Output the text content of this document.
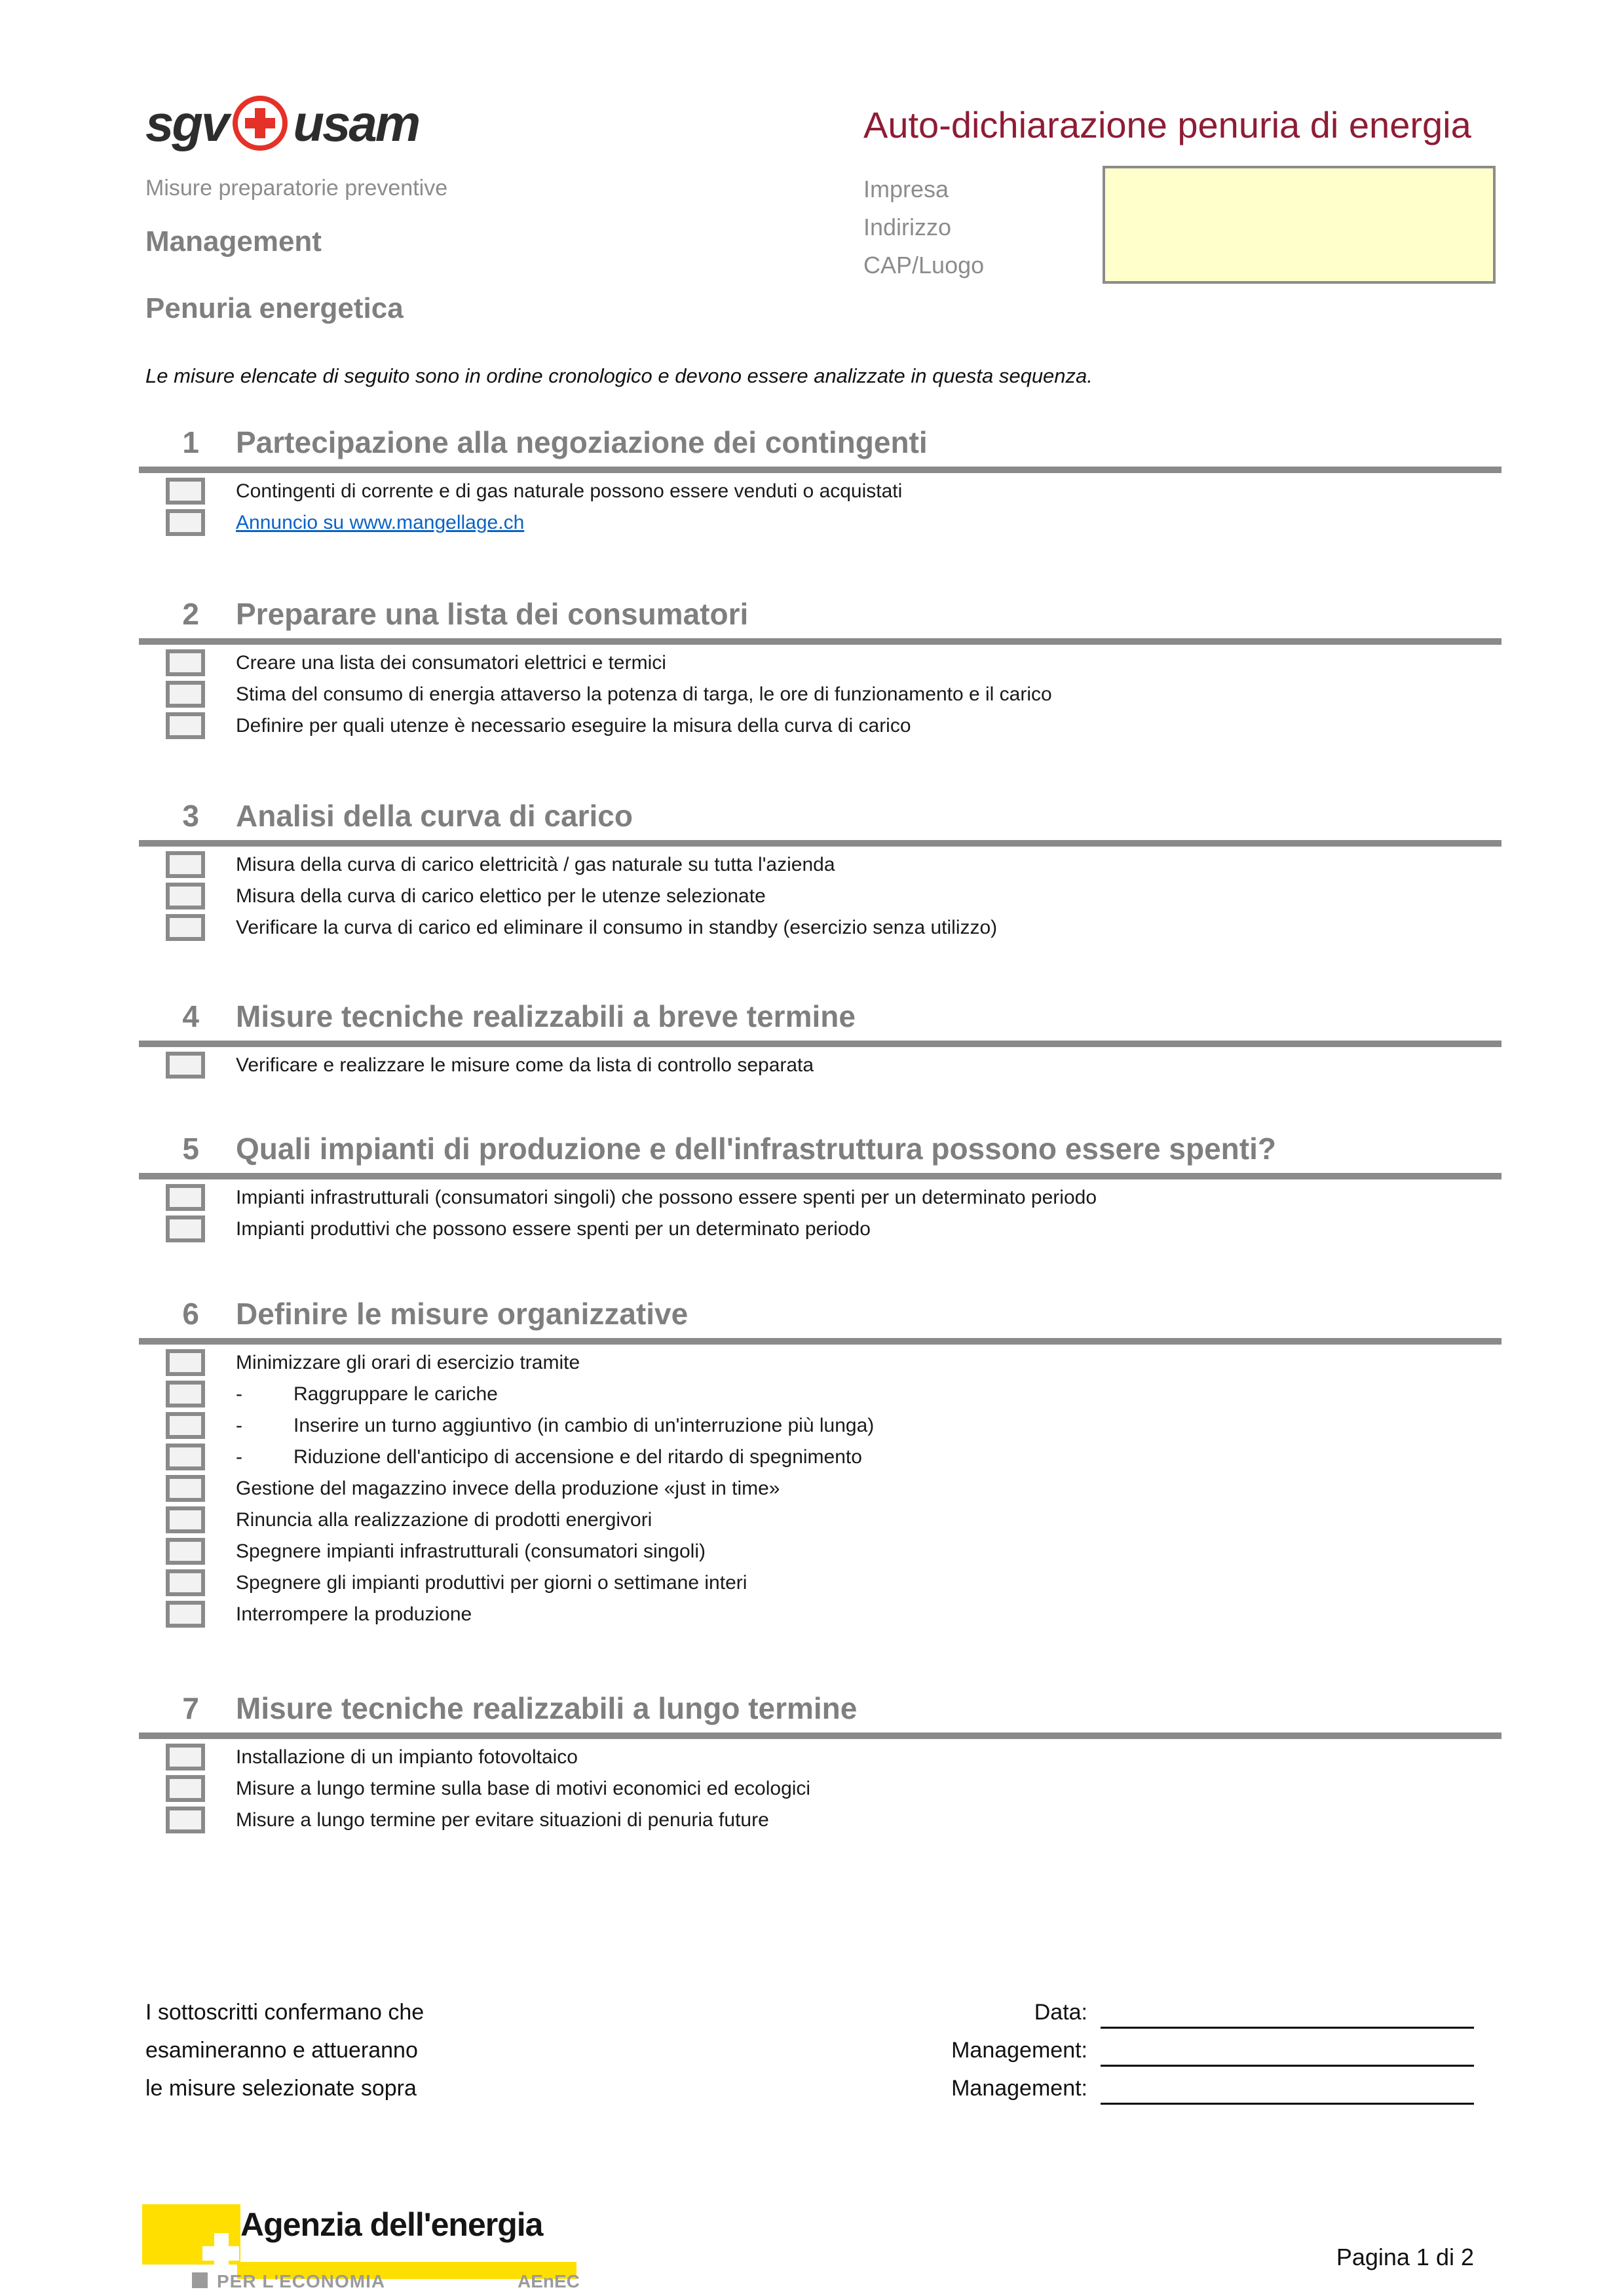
sgv usam
Misure preparatorie preventive
Management
Penuria energetica
Auto-dichiarazione penuria di energia
Impresa
Indirizzo
CAP/Luogo
Le misure elencate di seguito sono in ordine cronologico e devono essere analizzate in questa sequenza.
1 Partecipazione alla negoziazione dei contingenti
Contingenti di corrente e di gas naturale possono essere venduti o acquistati
Annuncio su www.mangellage.ch
2 Preparare una lista dei consumatori
Creare una lista dei consumatori elettrici e termici
Stima del consumo di energia attaverso la potenza di targa, le ore di funzionamento e il carico
Definire per quali utenze è necessario eseguire la misura della curva di carico
3 Analisi della curva di carico
Misura della curva di carico elettricità / gas naturale su tutta l'azienda
Misura della curva di carico elettico per le utenze selezionate
Verificare la curva di carico ed eliminare il consumo in standby (esercizio senza utilizzo)
4 Misure tecniche realizzabili a breve termine
Verificare e realizzare le misure come da lista di controllo separata
5 Quali impianti di produzione e dell'infrastruttura possono essere spenti?
Impianti infrastrutturali (consumatori singoli) che possono essere spenti per un determinato periodo
Impianti produttivi che possono essere spenti per un determinato periodo
6 Definire le misure organizzative
Minimizzare gli orari di esercizio tramite
-	Raggruppare le cariche
-	Inserire un turno aggiuntivo (in cambio di un'interruzione più lunga)
-	Riduzione dell'anticipo di accensione e del ritardo di spegnimento
Gestione del magazzino invece della produzione «just in time»
Rinuncia alla realizzazione di prodotti energivori
Spegnere impianti infrastrutturali (consumatori singoli)
Spegnere gli impianti produttivi per giorni o settimane interi
Interrompere la produzione
7 Misure tecniche realizzabili a lungo termine
Installazione di un impianto fotovoltaico
Misure a lungo termine sulla base di motivi economici ed ecologici
Misure a lungo termine per evitare situazioni di penuria future
I sottoscritti confermano che	Data:
esamineranno e attueranno	Management:
le misure selezionate sopra	Management:
Agenzia dell'energia
PER L'ECONOMIA	AEnEC
Pagina 1 di 2
